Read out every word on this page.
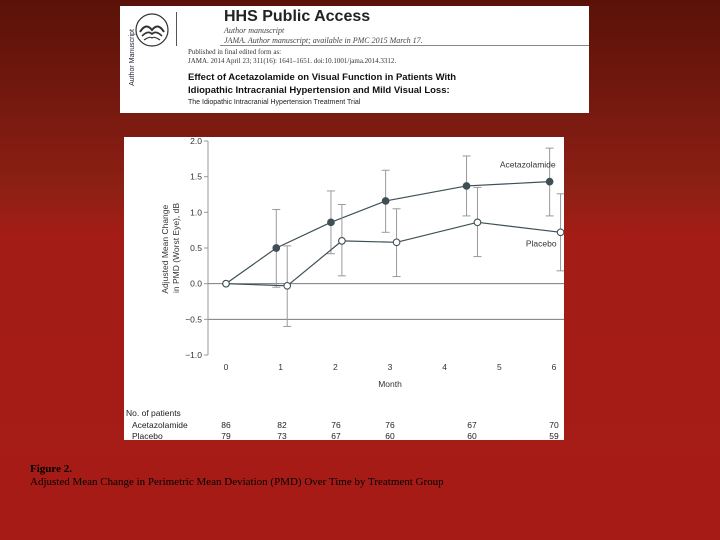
Author Manuscript
HHS Public Access
Author manuscript
JAMA. Author manuscript; available in PMC 2015 March 17.
Published in final edited form as:
JAMA. 2014 April 23; 311(16): 1641–1651. doi:10.1001/jama.2014.3312.
Effect of Acetazolamide on Visual Function in Patients With
Idiopathic Intracranial Hypertension and Mild Visual Loss:
The Idiopathic Intracranial Hypertension Treatment Trial
Adjusted Mean Change in PMD (Worst Eye), dB
Month
−1.0
−0.5
0.0
0.5
1.0
1.5
2.0
0	1	2	3	4	5	6
Acetazolamide
Placebo
No. of patients
Acetazolamide	86	82	76	76	67	70
Placebo	79	73	67	60	60	59
Figure 2.
Adjusted Mean Change in Perimetric Mean Deviation (PMD) Over Time by Treatment Group
